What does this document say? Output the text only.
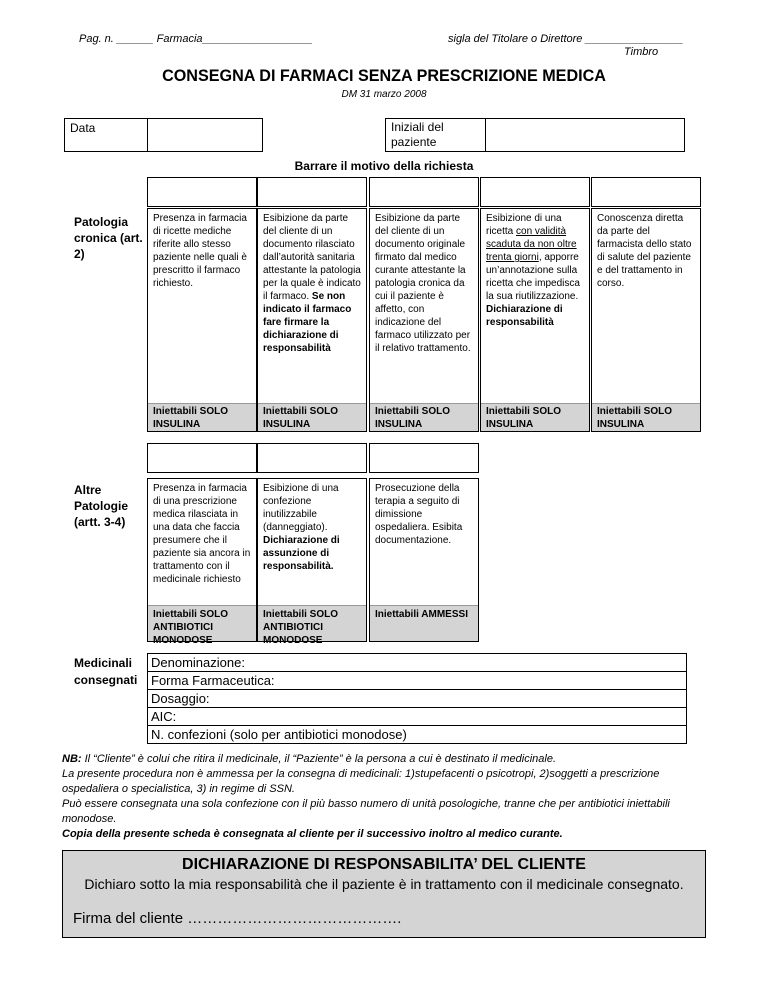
Pag. n. ______ Farmacia__________________	sigla del Titolare o Direttore ________________
Timbro
CONSEGNA DI FARMACI SENZA PRESCRIZIONE MEDICA
DM 31 marzo 2008
Data	Iniziali del paziente
Barrare il motivo della richiesta
Patologia cronica (art. 2)
Presenza in farmacia di ricette mediche riferite allo stesso paziente nelle quali è prescritto il farmaco richiesto.
Iniettabili SOLO INSULINA
Esibizione da parte del cliente di un documento rilasciato dall’autorità sanitaria attestante la patologia per la quale è indicato il farmaco. Se non indicato il farmaco fare firmare la dichiarazione di responsabilità
Iniettabili SOLO INSULINA
Esibizione da parte del cliente di un documento originale firmato dal medico curante attestante la patologia cronica da cui il paziente è affetto, con indicazione del farmaco utilizzato per il relativo trattamento.
Iniettabili SOLO INSULINA
Esibizione di una ricetta con validità scaduta da non oltre trenta giorni, apporre un’annotazione sulla ricetta che impedisca la sua riutilizzazione. Dichiarazione di responsabilità
Iniettabili SOLO INSULINA
Conoscenza diretta da parte del farmacista dello stato di salute del paziente e del trattamento in corso.
Iniettabili SOLO INSULINA
Altre Patologie (artt. 3-4)
Presenza in farmacia di una prescrizione medica rilasciata in una data che faccia presumere che il paziente sia ancora in trattamento con il medicinale richiesto
Iniettabili SOLO ANTIBIOTICI MONODOSE
Esibizione di una confezione inutilizzabile (danneggiato). Dichiarazione di assunzione di responsabilità.
Iniettabili SOLO ANTIBIOTICI MONODOSE
Prosecuzione della terapia a seguito di dimissione ospedaliera. Esibita documentazione.
Iniettabili AMMESSI
Medicinali consegnati
Denominazione:
Forma Farmaceutica:
Dosaggio:
AIC:
N. confezioni (solo per antibiotici monodose)
NB: Il “Cliente” è colui che ritira il medicinale, il “Paziente” è la persona a cui è destinato il medicinale.
La presente procedura non è ammessa per la consegna di medicinali: 1)stupefacenti o psicotropi, 2)soggetti a prescrizione ospedaliera o specialistica, 3) in regime di SSN.
Può essere consegnata una sola confezione con il più basso numero di unità posologiche, tranne che per antibiotici iniettabili monodose.
Copia della presente scheda è consegnata al cliente per il successivo inoltro al medico curante.
DICHIARAZIONE DI RESPONSABILITA’ DEL CLIENTE
Dichiaro sotto la mia responsabilità che il paziente è in trattamento con il medicinale consegnato.
Firma del cliente …………………………………….
